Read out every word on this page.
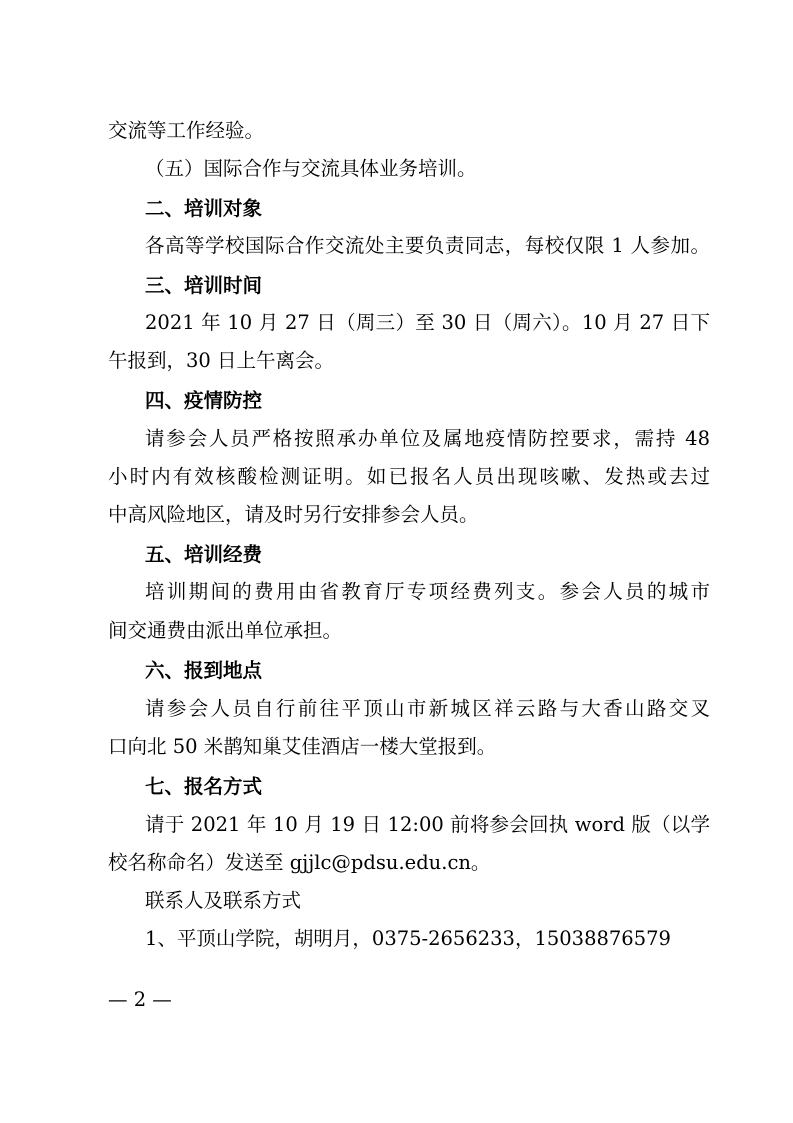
交流等工作经验。
（五）国际合作与交流具体业务培训。
二、培训对象
各高等学校国际合作交流处主要负责同志，每校仅限 1 人参加。
三、培训时间
2021 年 10 月 27 日（周三）至 30 日（周六）。10 月 27 日下
午报到，30 日上午离会。
四、疫情防控
请参会人员严格按照承办单位及属地疫情防控要求，需持 48
小时内有效核酸检测证明。如已报名人员出现咳嗽、发热或去过
中高风险地区，请及时另行安排参会人员。
五、培训经费
培训期间的费用由省教育厅专项经费列支。参会人员的城市
间交通费由派出单位承担。
六、报到地点
请参会人员自行前往平顶山市新城区祥云路与大香山路交叉
口向北 50 米鹊知巢艾佳酒店一楼大堂报到。
七、报名方式
请于 2021 年 10 月 19 日 12:00 前将参会回执 word 版（以学
校名称命名）发送至 gjjlc@pdsu.edu.cn。
联系人及联系方式
1、平顶山学院，胡明月，0375-2656233，15038876579
— 2 —
